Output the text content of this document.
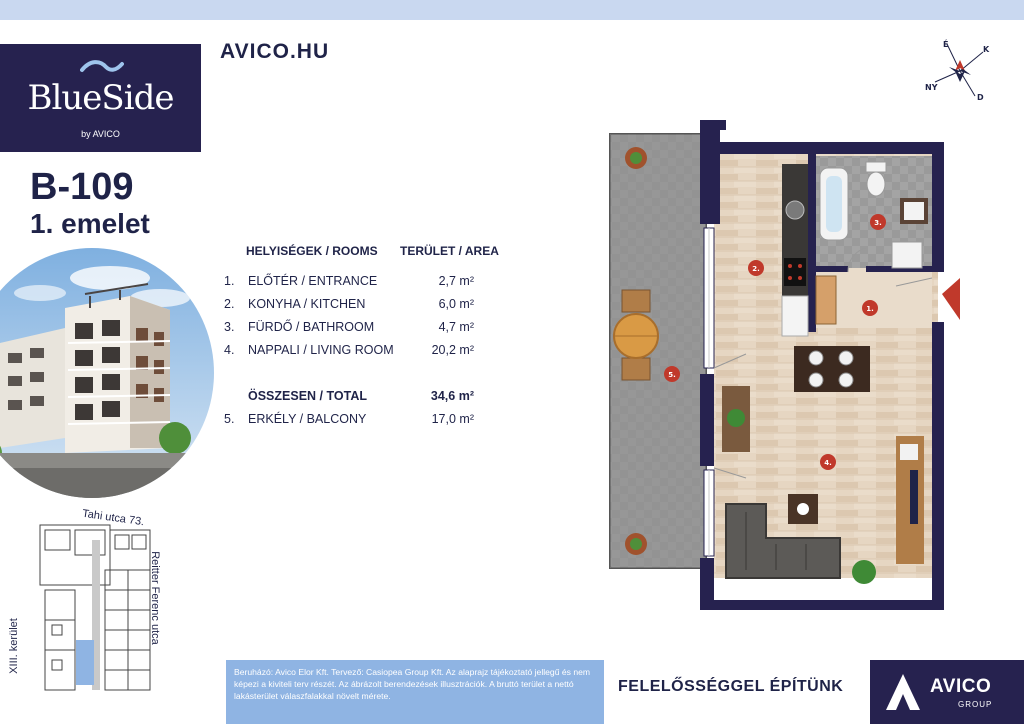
BlueSide
by AVICO
AVICO.HU
B-109
1. emelet
HELYISÉGEK / ROOMS TERÜLET / AREA
1. ELŐTÉR / ENTRANCE	2,7 m²
2. KONYHA / KITCHEN	6,0 m²
3. FÜRDŐ / BATHROOM	4,7 m²
4. NAPPALI / LIVING ROOM	20,2 m²
ÖSSZESEN / TOTAL	34,6 m²
5. ERKÉLY / BALCONY	17,0 m²
Tahi utca 73.
Reitter Ferenc utca
XIII. kerület
É
K
D
NY
1.
2.
3.
4.
5.
Beruházó: Avico Elor Kft. Tervező: Casiopea Group Kft. Az alaprajz tájékoztató jellegű és nem képezi a kiviteli terv részét. Az ábrázolt berendezések illusztrációk. A bruttó terület a nettó lakásterület válaszfalakkal növelt mérete.
FELELŐSSÉGGEL ÉPÍTÜNK	AVICO
GROUP
